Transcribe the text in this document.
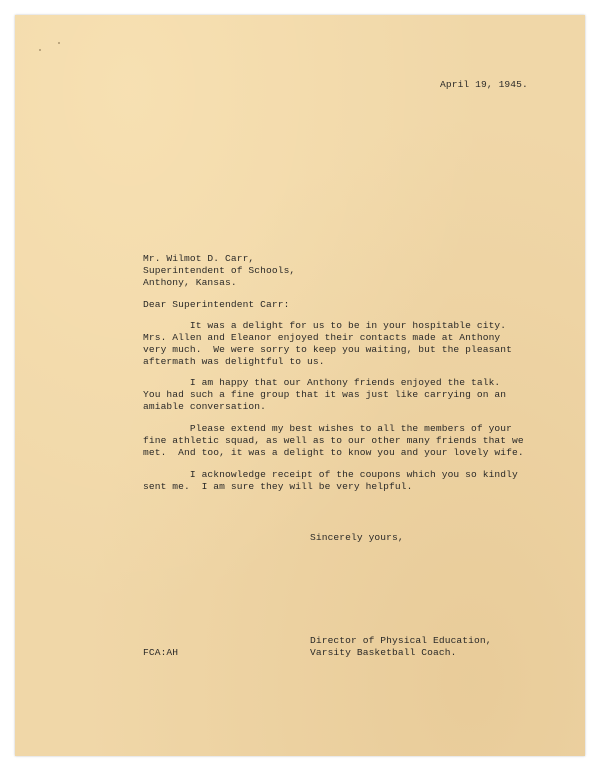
April 19, 1945.
Mr. Wilmot D. Carr,
Superintendent of Schools,
Anthony, Kansas.
Dear Superintendent Carr:
It was a delight for us to be in your hospitable city.
Mrs. Allen and Eleanor enjoyed their contacts made at Anthony
very much.  We were sorry to keep you waiting, but the pleasant
aftermath was delightful to us.
I am happy that our Anthony friends enjoyed the talk.
You had such a fine group that it was just like carrying on an
amiable conversation.
Please extend my best wishes to all the members of your
fine athletic squad, as well as to our other many friends that we
met.  And too, it was a delight to know you and your lovely wife.
I acknowledge receipt of the coupons which you so kindly
sent me.  I am sure they will be very helpful.
Sincerely yours,
Director of Physical Education,
Varsity Basketball Coach.
FCA:AH
